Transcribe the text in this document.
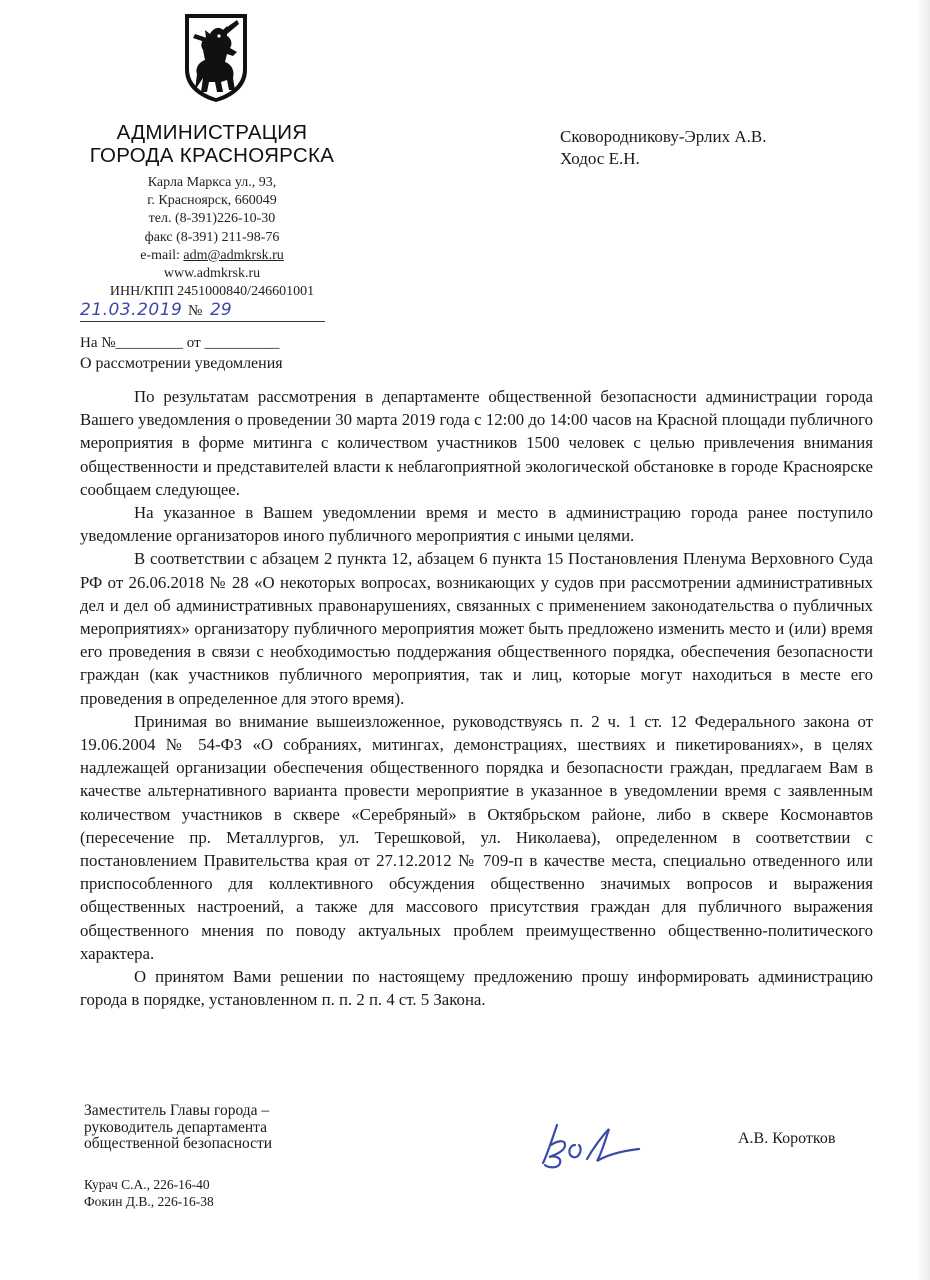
АДМИНИСТРАЦИЯ
ГОРОДА КРАСНОЯРСКА
Карла Маркса ул., 93,
г. Красноярск, 660049
тел. (8-391)226-10-30
факс (8-391) 211-98-76
e-mail: adm@admkrsk.ru
www.admkrsk.ru
ИНН/КПП 2451000840/246601001
21.03.2019 № 29
На №_________ от __________
О рассмотрении уведомления
Сковородникову-Эрлих А.В.
Ходос Е.Н.

По результатам рассмотрения в департаменте общественной безопасности администрации города Вашего уведомления о проведении 30 марта 2019 года с 12:00 до 14:00 часов на Красной площади публичного мероприятия в форме митинга с количеством участников 1500 человек с целью привлечения внимания общественности и представителей власти к неблагоприятной экологической обстановке в городе Красноярске сообщаем следующее.

На указанное в Вашем уведомлении время и место в администрацию города ранее поступило уведомление организаторов иного публичного мероприятия с иными целями.

В соответствии с абзацем 2 пункта 12, абзацем 6 пункта 15 Постановления Пленума Верховного Суда РФ от 26.06.2018 № 28 «О некоторых вопросах, возникающих у судов при рассмотрении административных дел и дел об административных правонарушениях, связанных с применением законодательства о публичных мероприятиях» организатору публичного мероприятия может быть предложено изменить место и (или) время его проведения в связи с необходимостью поддержания общественного порядка, обеспечения безопасности граждан (как участников публичного мероприятия, так и лиц, которые могут находиться в месте его проведения в определенное для этого время).

Принимая во внимание вышеизложенное, руководствуясь п. 2 ч. 1 ст. 12 Федерального закона от 19.06.2004 № 54-ФЗ «О собраниях, митингах, демонстрациях, шествиях и пикетированиях», в целях надлежащей организации обеспечения общественного порядка и безопасности граждан, предлагаем Вам в качестве альтернативного варианта провести мероприятие в указанное в уведомлении время с заявленным количеством участников в сквере «Серебряный» в Октябрьском районе, либо в сквере Космонавтов (пересечение пр. Металлургов, ул. Терешковой, ул. Николаева), определенном в соответствии с постановлением Правительства края от 27.12.2012 № 709-п в качестве места, специально отведенного или приспособленного для коллективного обсуждения общественно значимых вопросов и выражения общественных настроений, а также для массового присутствия граждан для публичного выражения общественного мнения по поводу актуальных проблем преимущественно общественно-политического характера.

О принятом Вами решении по настоящему предложению прошу информировать администрацию города в порядке, установленном п. п. 2 п. 4 ст. 5 Закона.

Заместитель Главы города –
руководитель департамента
общественной безопасности	А.В. Коротков
Курач С.А., 226-16-40
Фокин Д.В., 226-16-38
